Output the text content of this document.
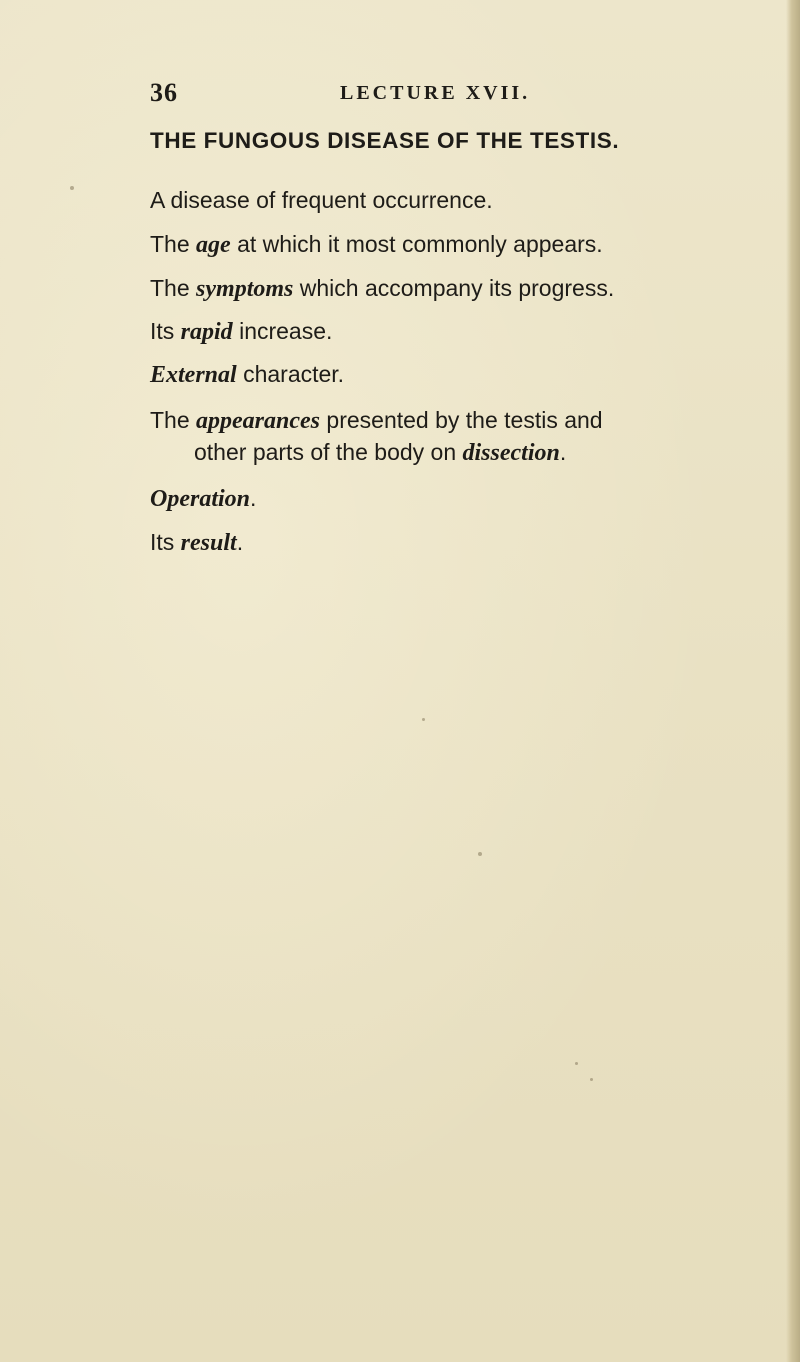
36	LECTURE XVII.
THE FUNGOUS DISEASE OF THE TESTIS.

A disease of frequent occurrence.

The age at which it most commonly appears.

The symptoms which accompany its progress.

Its rapid increase.

External character.

The appearances presented by the testis and

other parts of the body on dissection.

Operation.

Its result.
